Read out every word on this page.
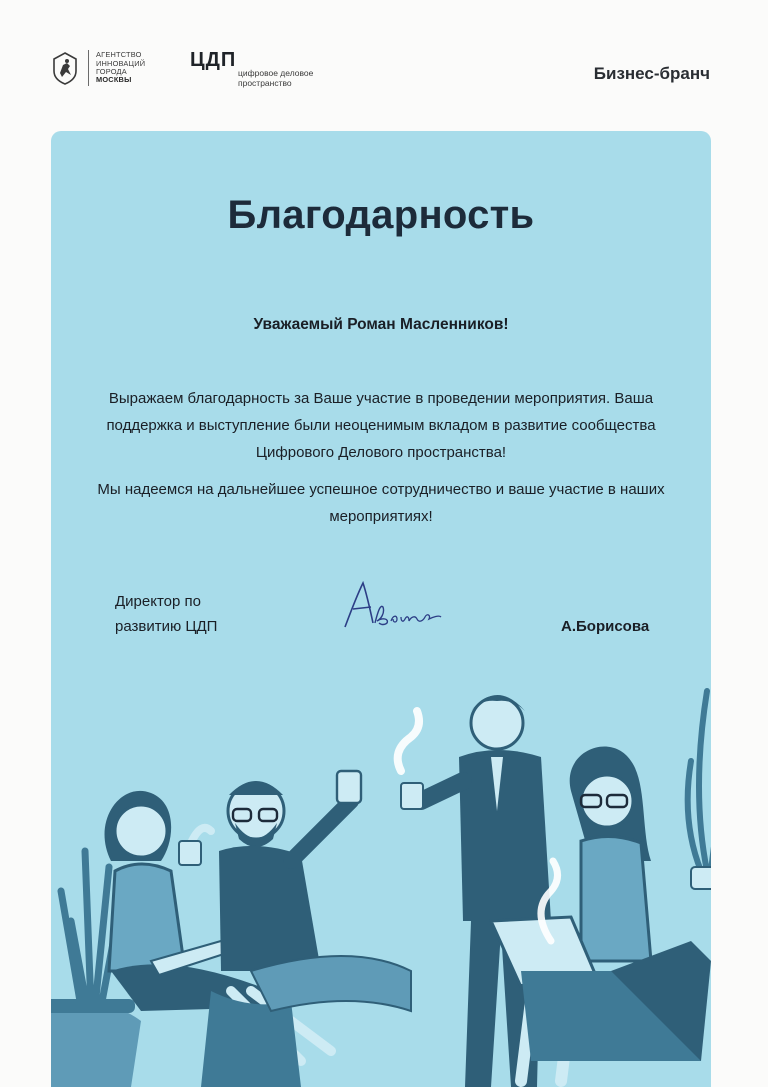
АГЕНТСТВО
ИННОВАЦИЙ
ГОРОДА
МОСКВЫ
ЦДП
цифровое деловое
пространство	Бизнес-бранч
Благодарность
Уважаемый Роман Масленников!

Выражаем благодарность за Ваше участие в проведении мероприятия. Ваша поддержка и выступление были неоценимым вкладом в развитие сообщества Цифрового Делового пространства!

Мы надеемся на дальнейшее успешное сотрудничество и ваше участие в наших мероприятиях!

Директор по
развитию ЦДП	А.Борисова
